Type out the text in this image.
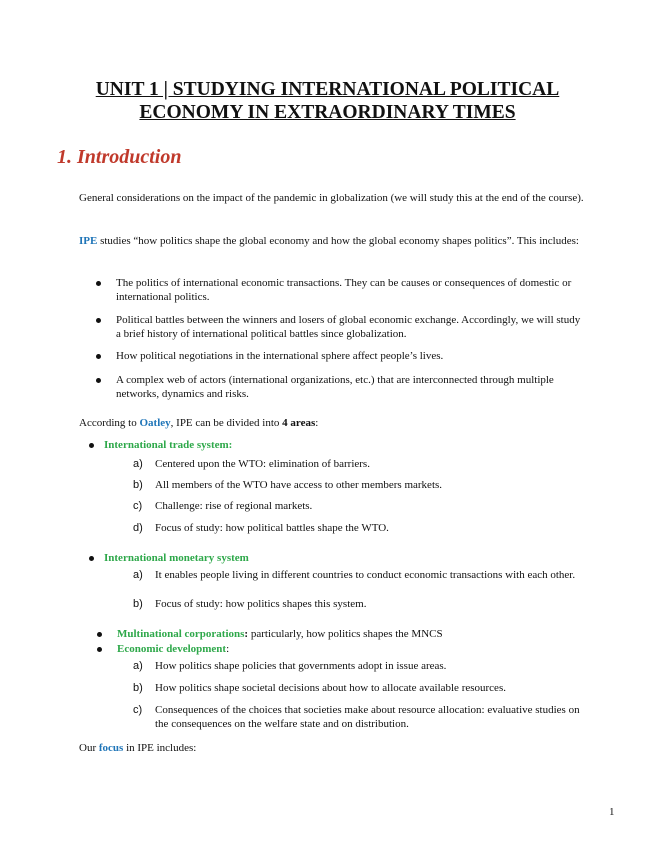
UNIT 1 | STUDYING INTERNATIONAL POLITICAL
ECONOMY IN EXTRAORDINARY TIMES
1. Introduction
General considerations on the impact of the pandemic in globalization (we will study this at the end of the course).
IPE studies “how politics shape the global economy and how the global economy shapes politics”. This includes:
The politics of international economic transactions. They can be causes or consequences of domestic or international politics.
Political battles between the winners and losers of global economic exchange. Accordingly, we will study a brief history of international political battles since globalization.
How political negotiations in the international sphere affect people’s lives.
A complex web of actors (international organizations, etc.) that are interconnected through multiple networks, dynamics and risks.
According to Oatley, IPE can be divided into 4 areas:
International trade system:
a) Centered upon the WTO: elimination of barriers.
b) All members of the WTO have access to other members markets.
c) Challenge: rise of regional markets.
d) Focus of study: how political battles shape the WTO.
International monetary system
a) It enables people living in different countries to conduct economic transactions with each other.
b) Focus of study: how politics shapes this system.
Multinational corporations: particularly, how politics shapes the MNCS
Economic development:
a) How politics shape policies that governments adopt in issue areas.
b) How politics shape societal decisions about how to allocate available resources.
c) Consequences of the choices that societies make about resource allocation: evaluative studies on the consequences on the welfare state and on distribution.
Our focus in IPE includes:
1
